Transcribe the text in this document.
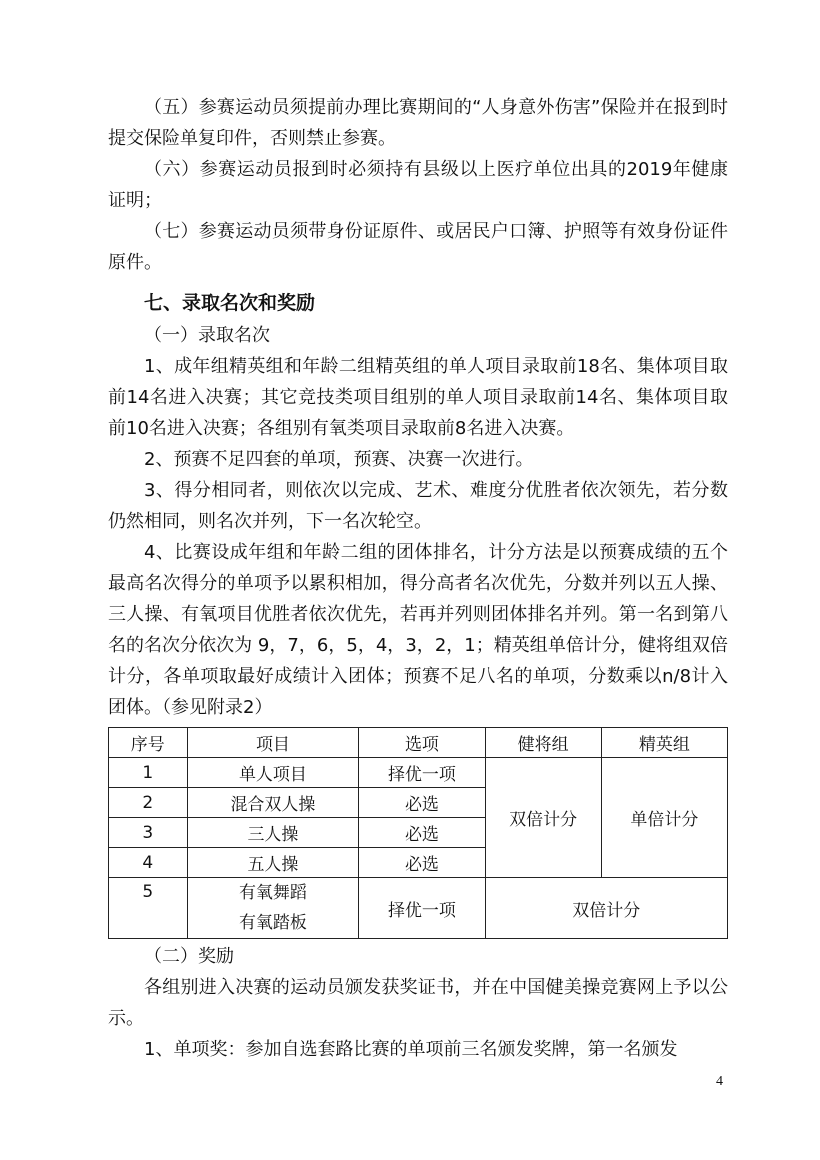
（五）参赛运动员须提前办理比赛期间的“人身意外伤害”保险并在报到时提交保险单复印件，否则禁止参赛。

（六）参赛运动员报到时必须持有县级以上医疗单位出具的2019年健康证明；

（七）参赛运动员须带身份证原件、或居民户口簿、护照等有效身份证件原件。

七、录取名次和奖励

（一）录取名次

1、成年组精英组和年龄二组精英组的单人项目录取前18名、集体项目取前14名进入决赛；其它竞技类项目组别的单人项目录取前14名、集体项目取前10名进入决赛；各组别有氧类项目录取前8名进入决赛。

2、预赛不足四套的单项，预赛、决赛一次进行。

3、得分相同者，则依次以完成、艺术、难度分优胜者依次领先，若分数仍然相同，则名次并列，下一名次轮空。

4、比赛设成年组和年龄二组的团体排名，计分方法是以预赛成绩的五个最高名次得分的单项予以累积相加，得分高者名次优先，分数并列以五人操、三人操、有氧项目优胜者依次优先，若再并列则团体排名并列。第一名到第八名的名次分依次为 9，7，6，5，4，3，2，1；精英组单倍计分，健将组双倍计分，各单项取最好成绩计入团体；预赛不足八名的单项，分数乘以n/8计入团体。（参见附录2）

序号	项目	选项	健将组	精英组
1	单人项目	择优一项	双倍计分	单倍计分
2	混合双人操	必选		
3	三人操	必选		
4	五人操	必选		
5	有氧舞蹈
有氧踏板	择优一项	双倍计分	

（二）奖励

各组别进入决赛的运动员颁发获奖证书，并在中国健美操竞赛网上予以公示。

1、单项奖：参加自选套路比赛的单项前三名颁发奖牌，第一名颁发

4
